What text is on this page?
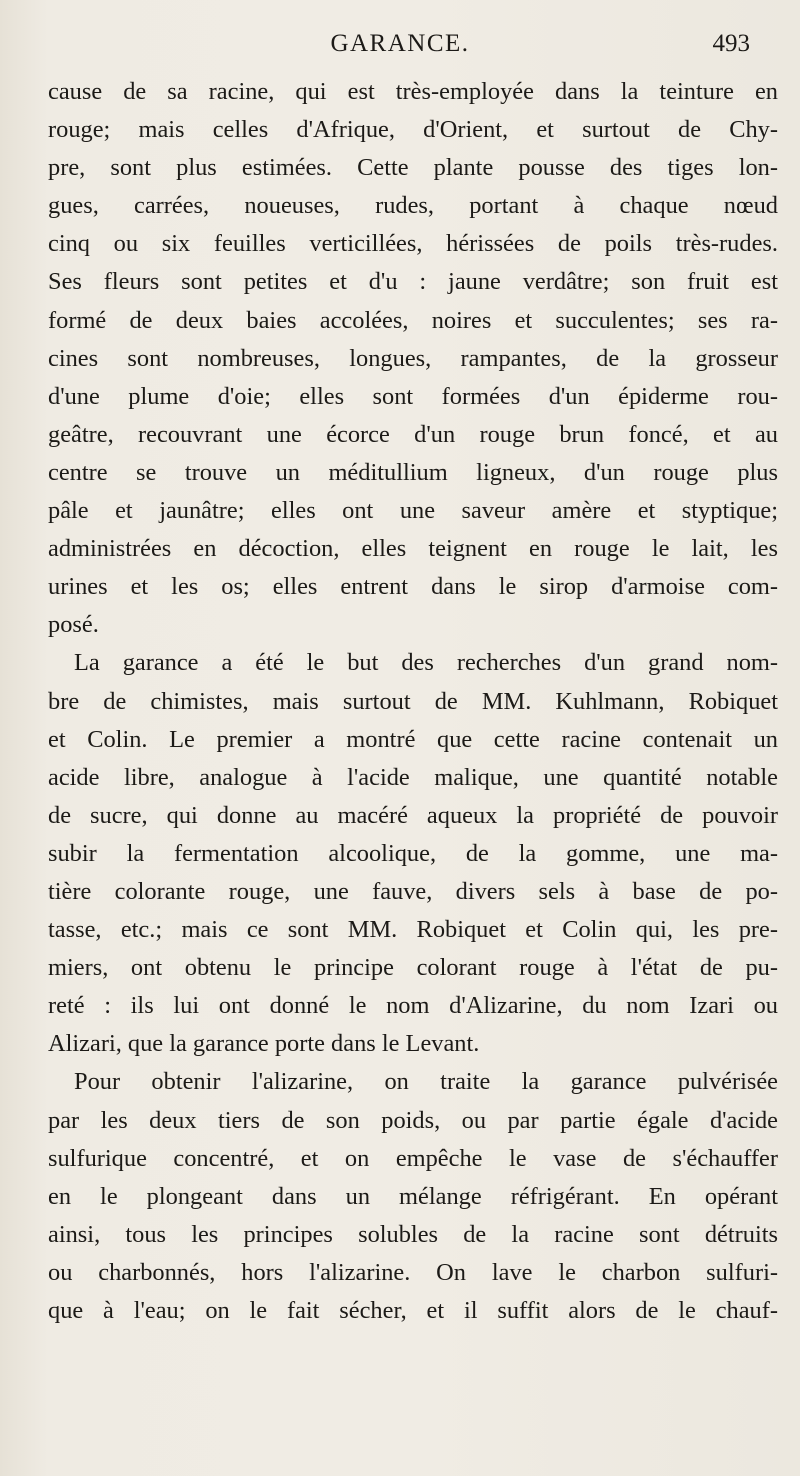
GARANCE.	493
cause de sa racine, qui est très-employée dans la teinture en
rouge; mais celles d'Afrique, d'Orient, et surtout de Chy-
pre, sont plus estimées. Cette plante pousse des tiges lon-
gues, carrées, noueuses, rudes, portant à chaque nœud
cinq ou six feuilles verticillées, hérissées de poils très-rudes.
Ses fleurs sont petites et d'u : jaune verdâtre; son fruit est
formé de deux baies accolées, noires et succulentes; ses ra-
cines sont nombreuses, longues, rampantes, de la grosseur
d'une plume d'oie; elles sont formées d'un épiderme rou-
geâtre, recouvrant une écorce d'un rouge brun foncé, et au
centre se trouve un méditullium ligneux, d'un rouge plus
pâle et jaunâtre; elles ont une saveur amère et styptique;
administrées en décoction, elles teignent en rouge le lait, les
urines et les os; elles entrent dans le sirop d'armoise com-
posé.
La garance a été le but des recherches d'un grand nom-
bre de chimistes, mais surtout de MM. Kuhlmann, Robiquet
et Colin. Le premier a montré que cette racine contenait un
acide libre, analogue à l'acide malique, une quantité notable
de sucre, qui donne au macéré aqueux la propriété de pouvoir
subir la fermentation alcoolique, de la gomme, une ma-
tière colorante rouge, une fauve, divers sels à base de po-
tasse, etc.; mais ce sont MM. Robiquet et Colin qui, les pre-
miers, ont obtenu le principe colorant rouge à l'état de pu-
reté : ils lui ont donné le nom d'Alizarine, du nom Izari ou
Alizari, que la garance porte dans le Levant.
Pour obtenir l'alizarine, on traite la garance pulvérisée
par les deux tiers de son poids, ou par partie égale d'acide
sulfurique concentré, et on empêche le vase de s'échauffer
en le plongeant dans un mélange réfrigérant. En opérant
ainsi, tous les principes solubles de la racine sont détruits
ou charbonnés, hors l'alizarine. On lave le charbon sulfuri-
que à l'eau; on le fait sécher, et il suffit alors de le chauf-
